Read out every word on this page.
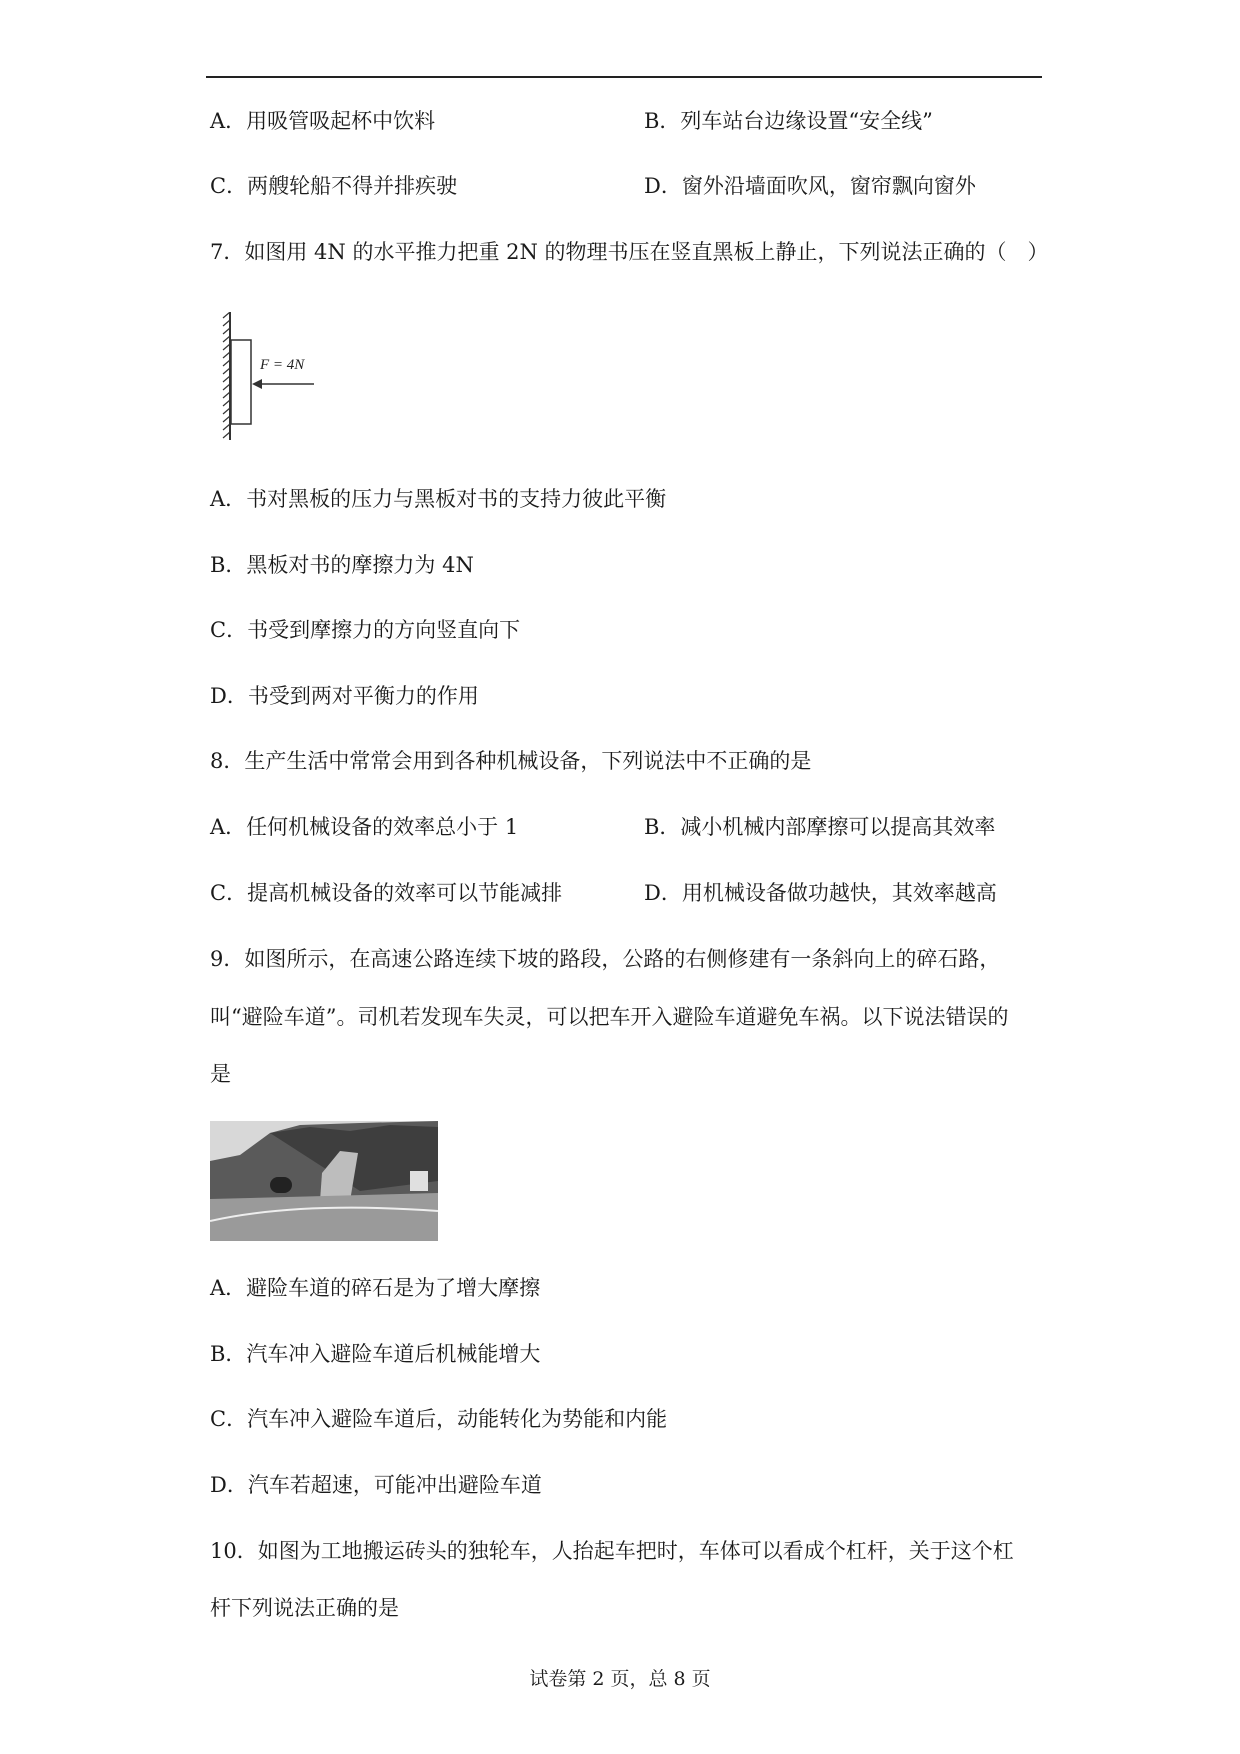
A．用吸管吸起杯中饮料	B．列车站台边缘设置“安全线”
C．两艘轮船不得并排疾驶	D．窗外沿墙面吹风，窗帘飘向窗外
7．如图用 4N 的水平推力把重 2N 的物理书压在竖直黑板上静止，下列说法正确的（　）
F = 4N
A．书对黑板的压力与黑板对书的支持力彼此平衡
B．黑板对书的摩擦力为 4N
C．书受到摩擦力的方向竖直向下
D．书受到两对平衡力的作用
8．生产生活中常常会用到各种机械设备，下列说法中不正确的是
A．任何机械设备的效率总小于 1	B．减小机械内部摩擦可以提高其效率
C．提高机械设备的效率可以节能减排	D．用机械设备做功越快，其效率越高
9．如图所示，在高速公路连续下坡的路段，公路的右侧修建有一条斜向上的碎石路，
叫“避险车道”。司机若发现车失灵，可以把车开入避险车道避免车祸。以下说法错误的
是
A．避险车道的碎石是为了增大摩擦
B．汽车冲入避险车道后机械能增大
C．汽车冲入避险车道后，动能转化为势能和内能
D．汽车若超速，可能冲出避险车道
10．如图为工地搬运砖头的独轮车，人抬起车把时，车体可以看成个杠杆，关于这个杠
杆下列说法正确的是
试卷第 2 页，总 8 页
